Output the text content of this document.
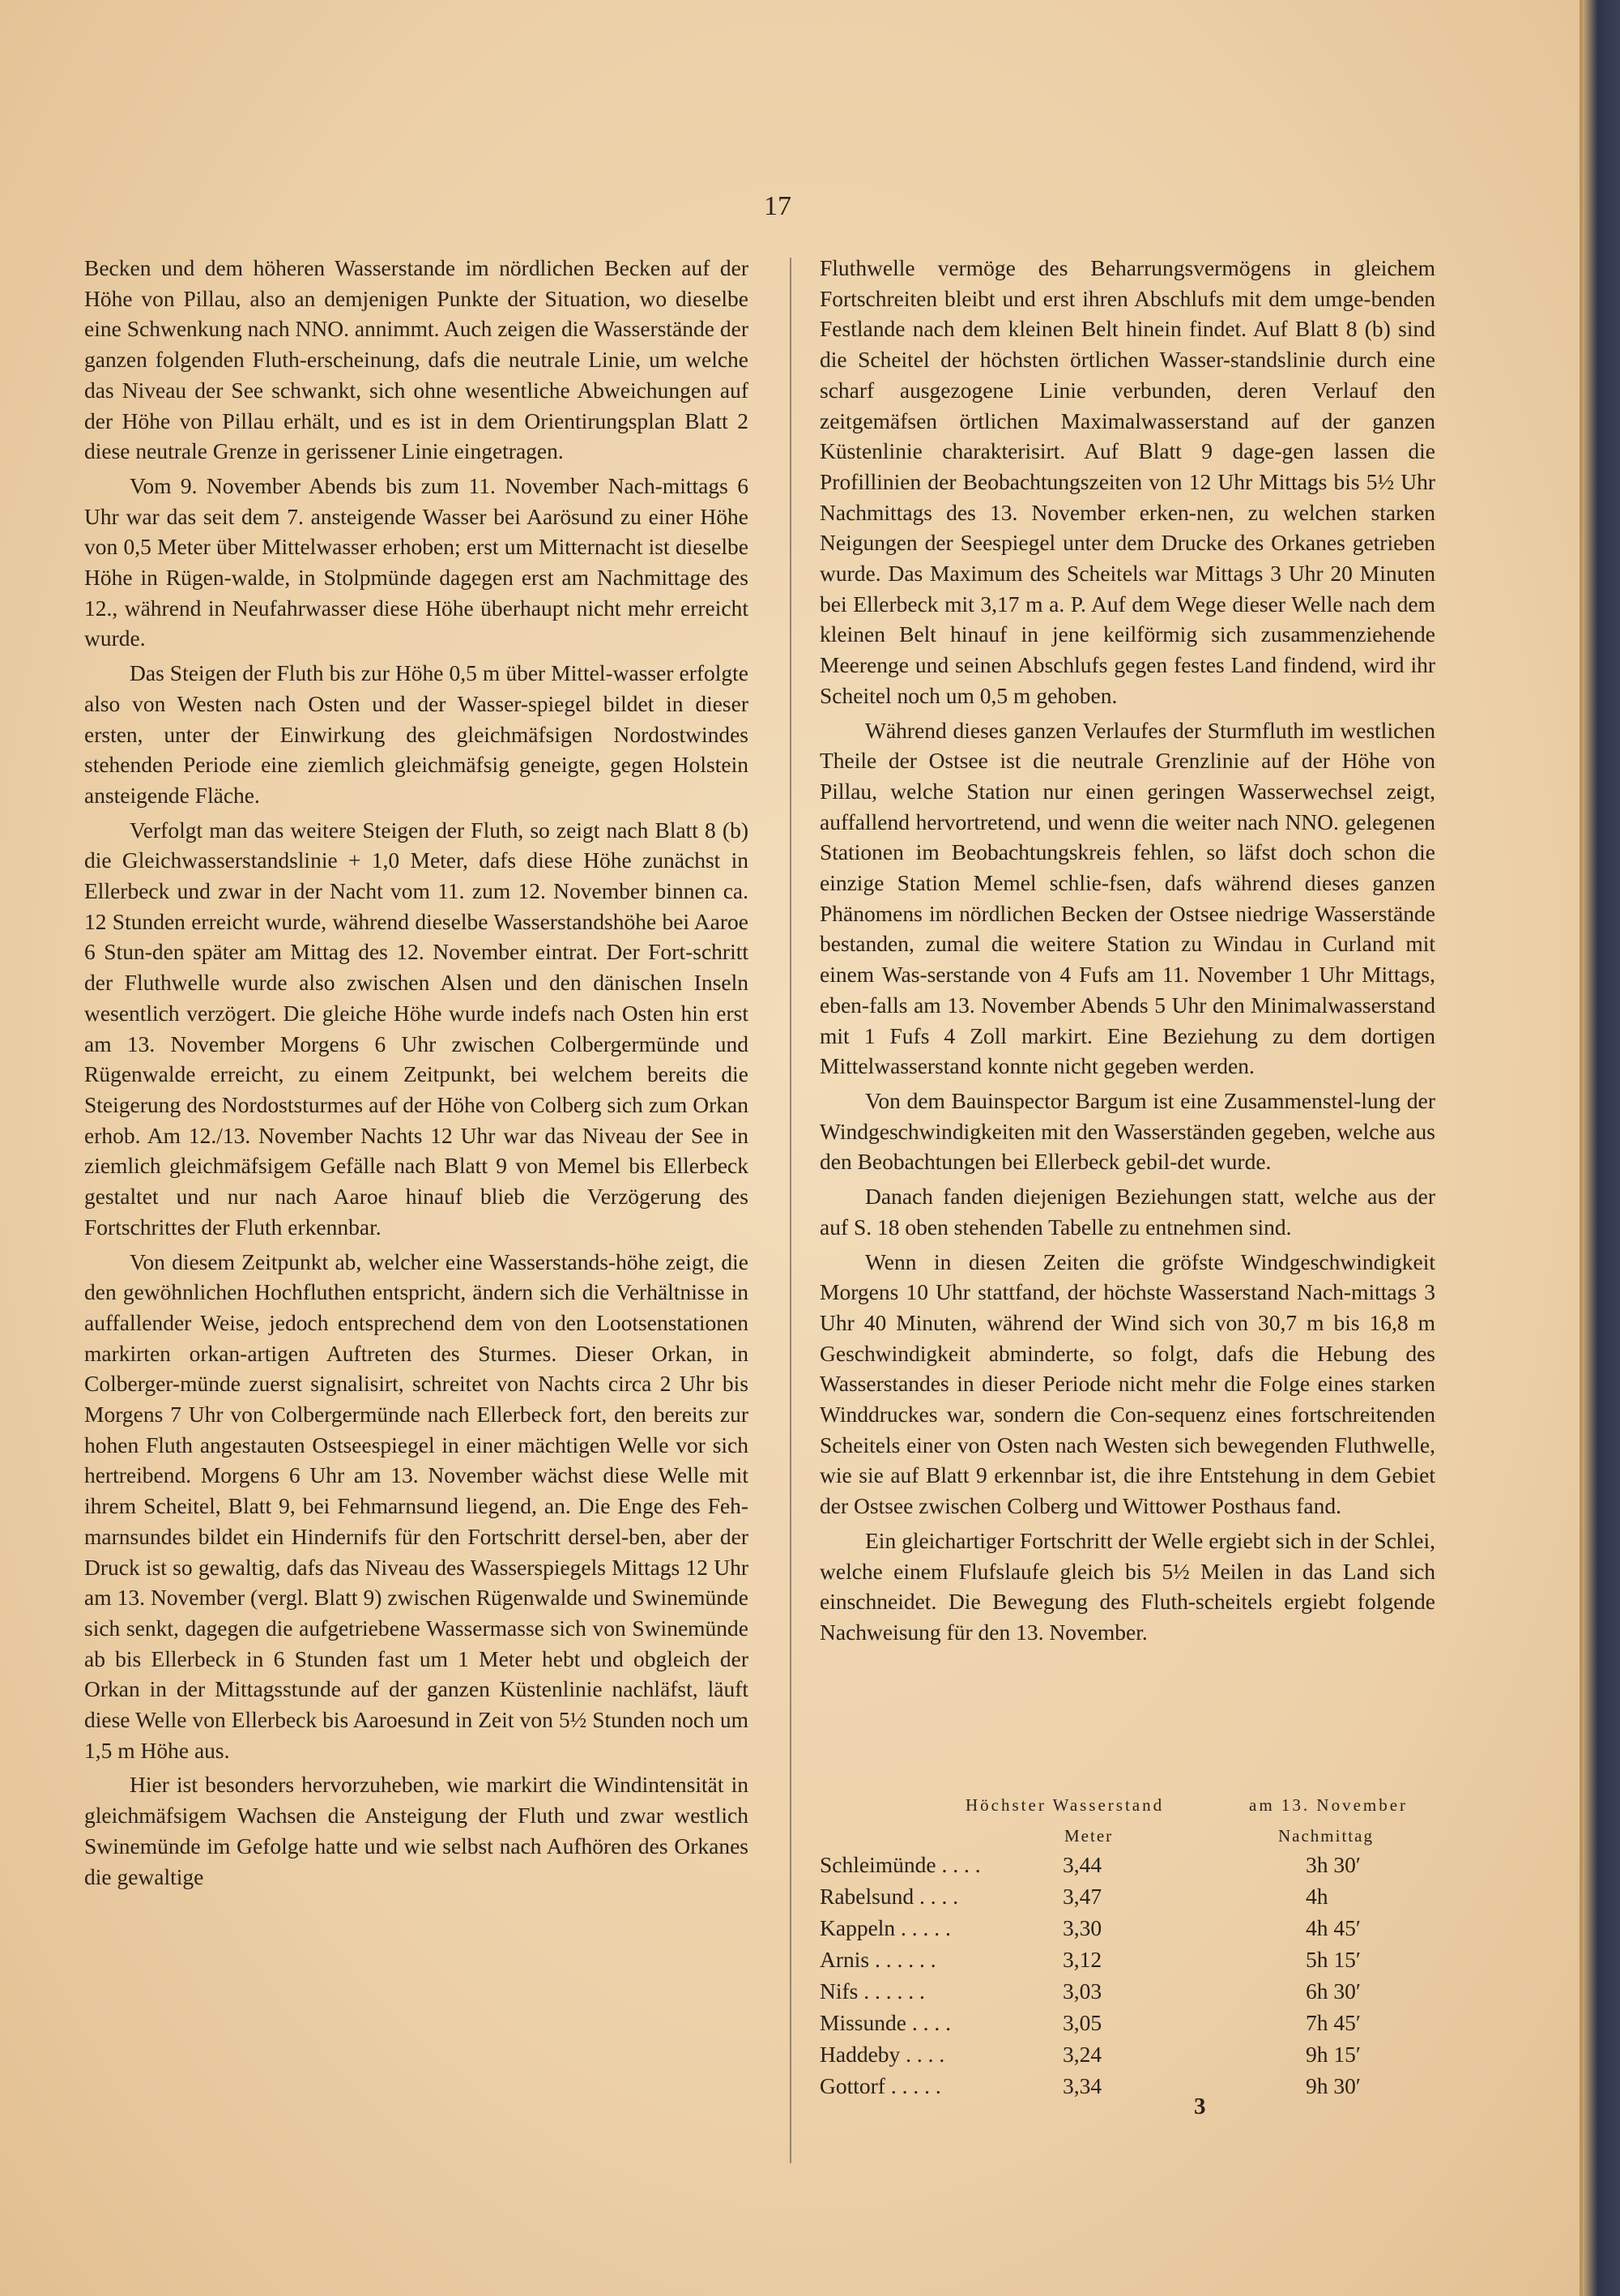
17

Becken und dem höheren Wasserstande im nördlichen Becken auf der Höhe von Pillau, also an demjenigen Punkte der Situation, wo dieselbe eine Schwenkung nach NNO. annimmt. Auch zeigen die Wasserstände der ganzen folgenden Fluth-erscheinung, dafs die neutrale Linie, um welche das Niveau der See schwankt, sich ohne wesentliche Abweichungen auf der Höhe von Pillau erhält, und es ist in dem Orientirungsplan Blatt 2 diese neutrale Grenze in gerissener Linie eingetragen.

Vom 9. November Abends bis zum 11. November Nach-mittags 6 Uhr war das seit dem 7. ansteigende Wasser bei Aarösund zu einer Höhe von 0,5 Meter über Mittelwasser erhoben; erst um Mitternacht ist dieselbe Höhe in Rügen-walde, in Stolpmünde dagegen erst am Nachmittage des 12., während in Neufahrwasser diese Höhe überhaupt nicht mehr erreicht wurde.

Das Steigen der Fluth bis zur Höhe 0,5 m über Mittel-wasser erfolgte also von Westen nach Osten und der Wasser-spiegel bildet in dieser ersten, unter der Einwirkung des gleichmäfsigen Nordostwindes stehenden Periode eine ziemlich gleichmäfsig geneigte, gegen Holstein ansteigende Fläche.

Verfolgt man das weitere Steigen der Fluth, so zeigt nach Blatt 8 (b) die Gleichwasserstandslinie + 1,0 Meter, dafs diese Höhe zunächst in Ellerbeck und zwar in der Nacht vom 11. zum 12. November binnen ca. 12 Stunden erreicht wurde, während dieselbe Wasserstandshöhe bei Aaroe 6 Stun-den später am Mittag des 12. November eintrat. Der Fort-schritt der Fluthwelle wurde also zwischen Alsen und den dänischen Inseln wesentlich verzögert. Die gleiche Höhe wurde indefs nach Osten hin erst am 13. November Morgens 6 Uhr zwischen Colbergermünde und Rügenwalde erreicht, zu einem Zeitpunkt, bei welchem bereits die Steigerung des Nordoststurmes auf der Höhe von Colberg sich zum Orkan erhob. Am 12./13. November Nachts 12 Uhr war das Niveau der See in ziemlich gleichmäfsigem Gefälle nach Blatt 9 von Memel bis Ellerbeck gestaltet und nur nach Aaroe hinauf blieb die Verzögerung des Fortschrittes der Fluth erkennbar.

Von diesem Zeitpunkt ab, welcher eine Wasserstands-höhe zeigt, die den gewöhnlichen Hochfluthen entspricht, ändern sich die Verhältnisse in auffallender Weise, jedoch entsprechend dem von den Lootsenstationen markirten orkan-artigen Auftreten des Sturmes. Dieser Orkan, in Colberger-münde zuerst signalisirt, schreitet von Nachts circa 2 Uhr bis Morgens 7 Uhr von Colbergermünde nach Ellerbeck fort, den bereits zur hohen Fluth angestauten Ostseespiegel in einer mächtigen Welle vor sich hertreibend. Morgens 6 Uhr am 13. November wächst diese Welle mit ihrem Scheitel, Blatt 9, bei Fehmarnsund liegend, an. Die Enge des Feh-marnsundes bildet ein Hindernifs für den Fortschritt dersel-ben, aber der Druck ist so gewaltig, dafs das Niveau des Wasserspiegels Mittags 12 Uhr am 13. November (vergl. Blatt 9) zwischen Rügenwalde und Swinemünde sich senkt, dagegen die aufgetriebene Wassermasse sich von Swinemünde ab bis Ellerbeck in 6 Stunden fast um 1 Meter hebt und obgleich der Orkan in der Mittagsstunde auf der ganzen Küstenlinie nachläfst, läuft diese Welle von Ellerbeck bis Aaroesund in Zeit von 5½ Stunden noch um 1,5 m Höhe aus.

Hier ist besonders hervorzuheben, wie markirt die Windintensität in gleichmäfsigem Wachsen die Ansteigung der Fluth und zwar westlich Swinemünde im Gefolge hatte und wie selbst nach Aufhören des Orkanes die gewaltige

Fluthwelle vermöge des Beharrungsvermögens in gleichem Fortschreiten bleibt und erst ihren Abschlufs mit dem umge-benden Festlande nach dem kleinen Belt hinein findet. Auf Blatt 8 (b) sind die Scheitel der höchsten örtlichen Wasser-standslinie durch eine scharf ausgezogene Linie verbunden, deren Verlauf den zeitgemäfsen örtlichen Maximalwasserstand auf der ganzen Küstenlinie charakterisirt. Auf Blatt 9 dage-gen lassen die Profillinien der Beobachtungszeiten von 12 Uhr Mittags bis 5½ Uhr Nachmittags des 13. November erken-nen, zu welchen starken Neigungen der Seespiegel unter dem Drucke des Orkanes getrieben wurde. Das Maximum des Scheitels war Mittags 3 Uhr 20 Minuten bei Ellerbeck mit 3,17 m a. P. Auf dem Wege dieser Welle nach dem kleinen Belt hinauf in jene keilförmig sich zusammenziehende Meerenge und seinen Abschlufs gegen festes Land findend, wird ihr Scheitel noch um 0,5 m gehoben.

Während dieses ganzen Verlaufes der Sturmfluth im westlichen Theile der Ostsee ist die neutrale Grenzlinie auf der Höhe von Pillau, welche Station nur einen geringen Wasserwechsel zeigt, auffallend hervortretend, und wenn die weiter nach NNO. gelegenen Stationen im Beobachtungskreis fehlen, so läfst doch schon die einzige Station Memel schlie-fsen, dafs während dieses ganzen Phänomens im nördlichen Becken der Ostsee niedrige Wasserstände bestanden, zumal die weitere Station zu Windau in Curland mit einem Was-serstande von 4 Fufs am 11. November 1 Uhr Mittags, eben-falls am 13. November Abends 5 Uhr den Minimalwasserstand mit 1 Fufs 4 Zoll markirt. Eine Beziehung zu dem dortigen Mittelwasserstand konnte nicht gegeben werden.

Von dem Bauinspector Bargum ist eine Zusammenstel-lung der Windgeschwindigkeiten mit den Wasserständen gegeben, welche aus den Beobachtungen bei Ellerbeck gebil-det wurde.

Danach fanden diejenigen Beziehungen statt, welche aus der auf S. 18 oben stehenden Tabelle zu entnehmen sind.

Wenn in diesen Zeiten die gröfste Windgeschwindigkeit Morgens 10 Uhr stattfand, der höchste Wasserstand Nach-mittags 3 Uhr 40 Minuten, während der Wind sich von 30,7 m bis 16,8 m Geschwindigkeit abminderte, so folgt, dafs die Hebung des Wasserstandes in dieser Periode nicht mehr die Folge eines starken Winddruckes war, sondern die Con-sequenz eines fortschreitenden Scheitels einer von Osten nach Westen sich bewegenden Fluthwelle, wie sie auf Blatt 9 erkennbar ist, die ihre Entstehung in dem Gebiet der Ostsee zwischen Colberg und Wittower Posthaus fand.

Ein gleichartiger Fortschritt der Welle ergiebt sich in der Schlei, welche einem Flufslaufe gleich bis 5½ Meilen in das Land sich einschneidet. Die Bewegung des Fluth-scheitels ergiebt folgende Nachweisung für den 13. November.

Höchster Wasserstand	am 13. November
Meter	Nachmittag
Schleimünde . . . .	3,44	3h 30′
Rabelsund . . . .	3,47	4h
Kappeln . . . . .	3,30	4h 45′
Arnis . . . . . .	3,12	5h 15′
Nifs . . . . . .	3,03	6h 30′
Missunde . . . .	3,05	7h 45′
Haddeby . . . .	3,24	9h 15′
Gottorf . . . . .	3,34	9h 30′
3
